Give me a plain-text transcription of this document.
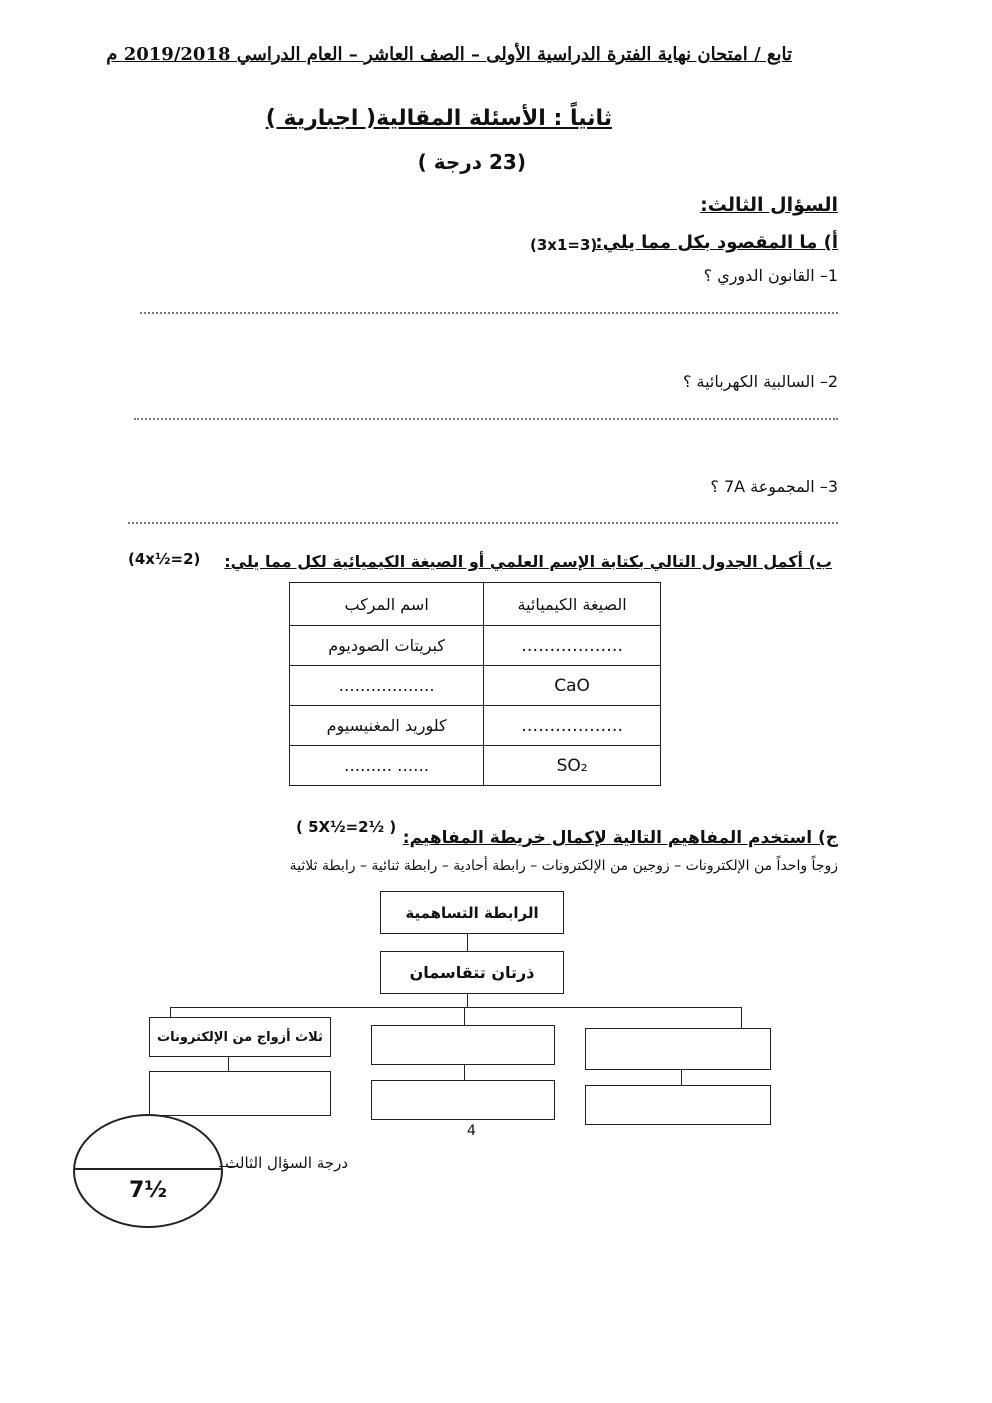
تابع / امتحان نهاية الفترة الدراسية الأولى – الصف العاشر – العام الدراسي 2019/2018 م
ثانياً : الأسئلة المقالية( اجبارية )
(23 درجة )
السؤال الثالث:
أ) ما المقصود بكل مما يلي:
(3x1=3)
1– القانون الدوري ؟
2– السالبية الكهربائية ؟
3– المجموعة 7A ؟
ب) أكمل الجدول التالي بكتابة الإسم العلمي أو الصيغة الكيميائية لكل مما يلي:
(4x½=2)
الصيغة الكيميائية	اسم المركب
………………	كبريتات الصوديوم
CaO	………………
………………	كلوريد المغنيسيوم
SO₂	…… ………
( 5X½=2½ )
ج) استخدم المفاهيم التالية لإكمال خريطة المفاهيم:
زوجاً واحداً من الإلكترونات – زوجين من الإلكترونات – رابطة أحادية – رابطة ثنائية – رابطة ثلاثية
الرابطة التساهمية
ذرتان تتقاسمان
ثلاث أزواج من الإلكترونات
4
7½
درجة السؤال الثالث
